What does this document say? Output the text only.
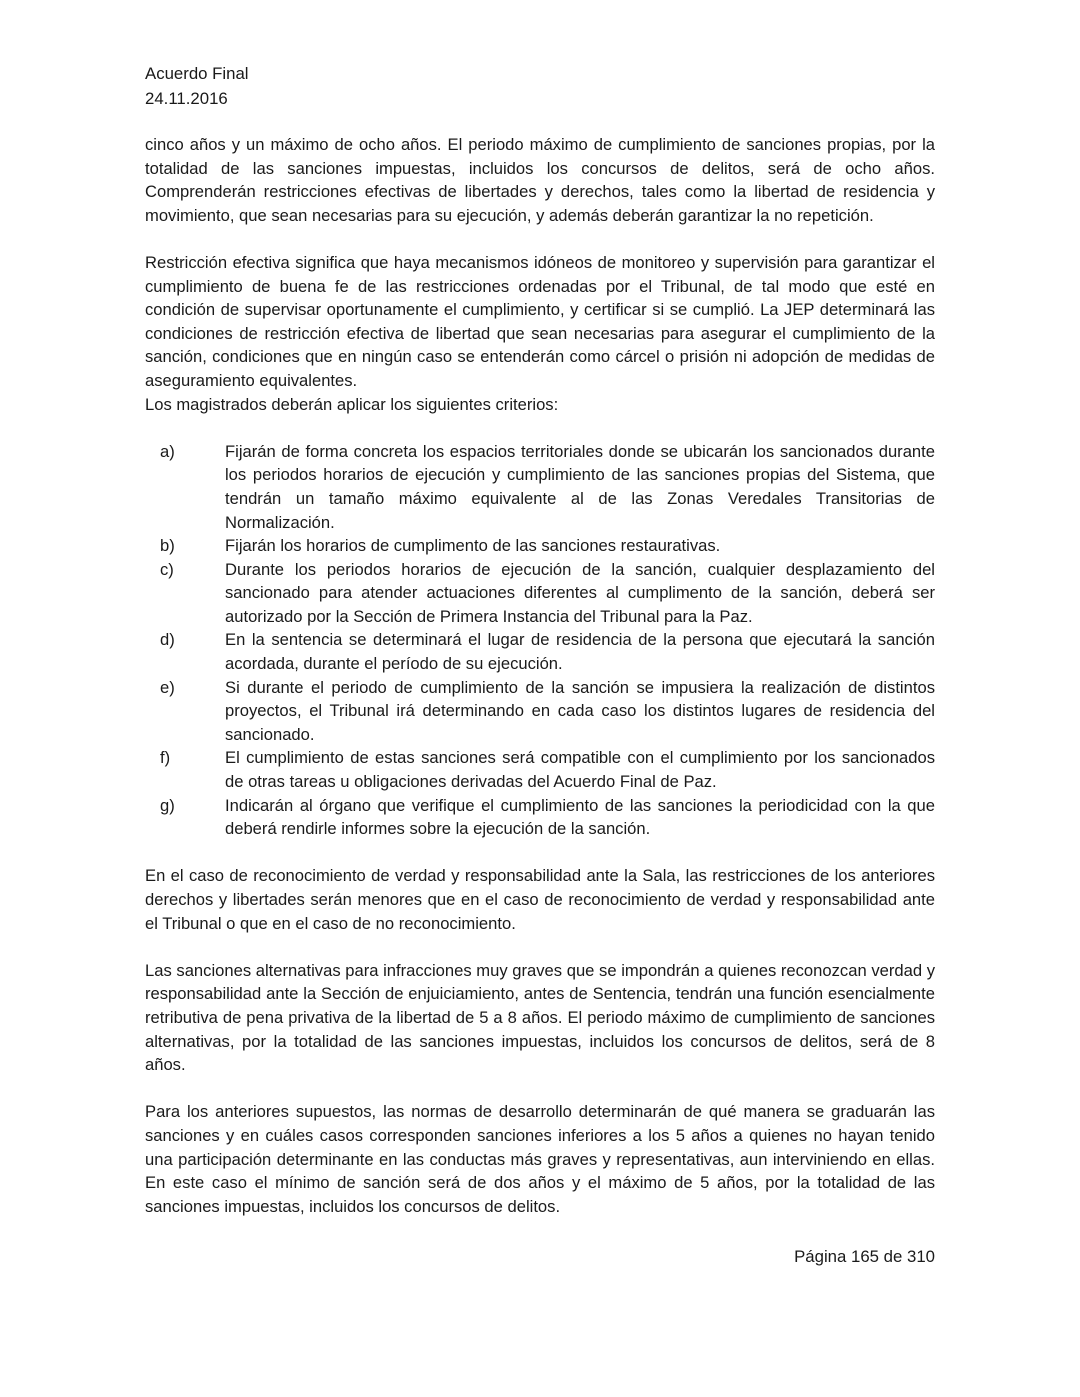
Acuerdo Final
24.11.2016

cinco años y un máximo de ocho años. El periodo máximo de cumplimiento de sanciones propias, por la totalidad de las sanciones impuestas, incluidos los concursos de delitos, será de ocho años. Comprenderán restricciones efectivas de libertades y derechos, tales como la libertad de residencia y movimiento, que sean necesarias para su ejecución, y además deberán garantizar la no repetición.

Restricción efectiva significa que haya mecanismos idóneos de monitoreo y supervisión para garantizar el cumplimiento de buena fe de las restricciones ordenadas por el Tribunal, de tal modo que esté en condición de supervisar oportunamente el cumplimiento, y certificar si se cumplió. La JEP determinará las condiciones de restricción efectiva de libertad que sean necesarias para asegurar el cumplimiento de la sanción, condiciones que en ningún caso se entenderán como cárcel o prisión ni adopción de medidas de aseguramiento equivalentes.

Los magistrados deberán aplicar los siguientes criterios:

a)	Fijarán de forma concreta los espacios territoriales donde se ubicarán los sancionados durante los periodos horarios de ejecución y cumplimiento de las sanciones propias del Sistema, que tendrán un tamaño máximo equivalente al de las Zonas Veredales Transitorias de Normalización.
b)	Fijarán los horarios de cumplimento de las sanciones restaurativas.
c)	Durante los periodos horarios de ejecución de la sanción, cualquier desplazamiento del sancionado para atender actuaciones diferentes al cumplimento de la sanción, deberá ser autorizado por la Sección de Primera Instancia del Tribunal para la Paz.
d)	En la sentencia se determinará el lugar de residencia de la persona que ejecutará la sanción acordada, durante el período de su ejecución.
e)	Si durante el periodo de cumplimiento de la sanción se impusiera la realización de distintos proyectos, el Tribunal irá determinando en cada caso los distintos lugares de residencia del sancionado.
f)	El cumplimiento de estas sanciones será compatible con el cumplimiento por los sancionados de otras tareas u obligaciones derivadas del Acuerdo Final de Paz.
g)	Indicarán al órgano que verifique el cumplimiento de las sanciones la periodicidad con la que deberá rendirle informes sobre la ejecución de la sanción.

En el caso de reconocimiento de verdad y responsabilidad ante la Sala, las restricciones de los anteriores derechos y libertades serán menores que en el caso de reconocimiento de verdad y responsabilidad ante el Tribunal o que en el caso de no reconocimiento.

Las sanciones alternativas para infracciones muy graves que se impondrán a quienes reconozcan verdad y responsabilidad ante la Sección de enjuiciamiento, antes de Sentencia, tendrán una función esencialmente retributiva de pena privativa de la libertad de 5 a 8 años. El periodo máximo de cumplimiento de sanciones alternativas, por la totalidad de las sanciones impuestas, incluidos los concursos de delitos, será de 8 años.

Para los anteriores supuestos, las normas de desarrollo determinarán de qué manera se graduarán las sanciones y en cuáles casos corresponden sanciones inferiores a los 5 años a quienes no hayan tenido una participación determinante en las conductas más graves y representativas, aun interviniendo en ellas. En este caso el mínimo de sanción será de dos años y el máximo de 5 años, por la totalidad de las sanciones impuestas, incluidos los concursos de delitos.

Página 165 de 310
